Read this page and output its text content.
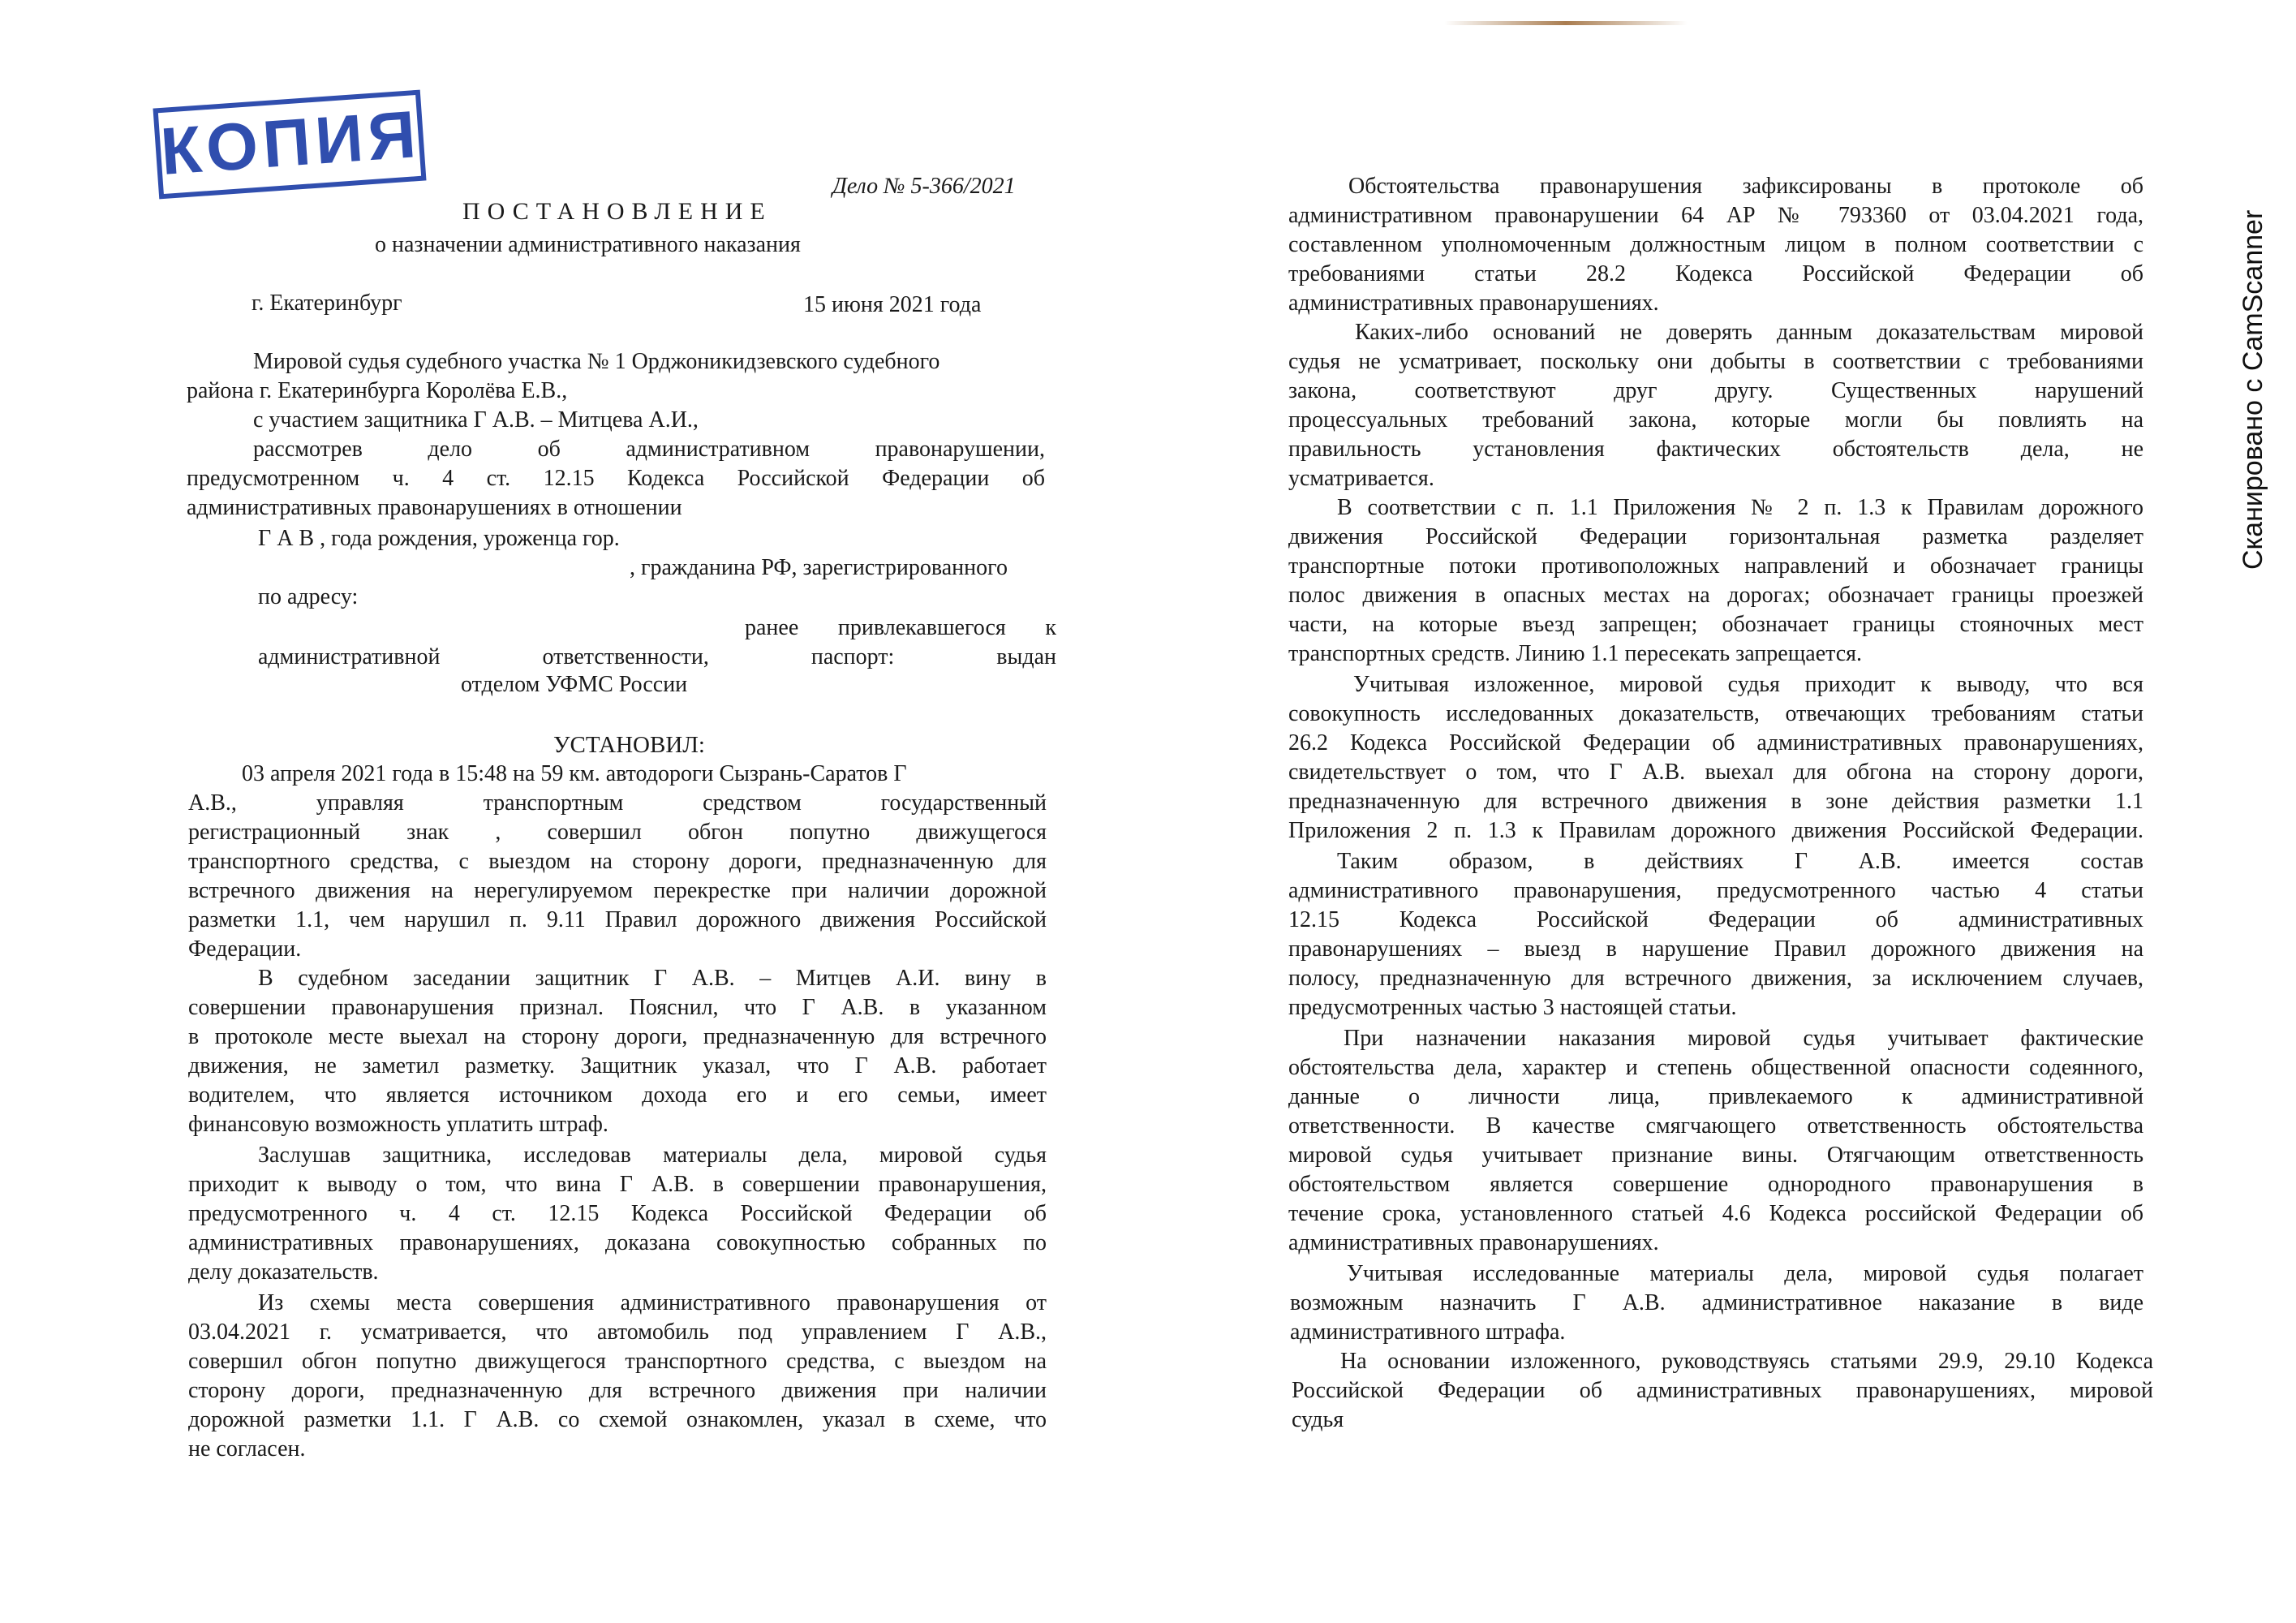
КОПИЯ	Дело № 5-366/2021
ПОСТАНОВЛЕНИЕ
о назначении административного наказания
г. Екатеринбург	15 июня 2021 года
Мировой судья судебного участка № 1 Орджоникидзевского судебного
района г. Екатеринбурга Королёва Е.В.,
с участием защитника Г А.В. – Митцева А.И.,
рассмотрев дело об административном правонарушении,
предусмотренном ч. 4 ст. 12.15 Кодекса Российской Федерации об
административных правонарушениях в отношении
Г А В , года рождения, уроженца гор.
, гражданина РФ, зарегистрированного
по адресу:
ранее привлекавшегося к
административной ответственности, паспорт: выдан
отделом УФМС России
УСТАНОВИЛ:
03 апреля 2021 года в 15:48 на 59 км. автодороги Сызрань-Саратов Г
А.В., управляя транспортным средством государственный
регистрационный знак , совершил обгон попутно движущегося
транспортного средства, с выездом на сторону дороги, предназначенную для
встречного движения на нерегулируемом перекрестке при наличии дорожной
разметки 1.1, чем нарушил п. 9.11 Правил дорожного движения Российской
Федерации.
В судебном заседании защитник Г А.В. – Митцев А.И. вину в
совершении правонарушения признал. Пояснил, что Г А.В. в указанном
в протоколе месте выехал на сторону дороги, предназначенную для встречного
движения, не заметил разметку. Защитник указал, что Г А.В. работает
водителем, что является источником дохода его и его семьи, имеет
финансовую возможность уплатить штраф.
Заслушав защитника, исследовав материалы дела, мировой судья
приходит к выводу о том, что вина Г А.В. в совершении правонарушения,
предусмотренного ч. 4 ст. 12.15 Кодекса Российской Федерации об
административных правонарушениях, доказана совокупностью собранных по
делу доказательств.
Из схемы места совершения административного правонарушения от
03.04.2021 г. усматривается, что автомобиль под управлением Г А.В.,
совершил обгон попутно движущегося транспортного средства, с выездом на
сторону дороги, предназначенную для встречного движения при наличии
дорожной разметки 1.1. Г А.В. со схемой ознакомлен, указал в схеме, что
не согласен.
Обстоятельства правонарушения зафиксированы в протоколе об
административном правонарушении 64 АР № 793360 от 03.04.2021 года,
составленном уполномоченным должностным лицом в полном соответствии с
требованиями статьи 28.2 Кодекса Российской Федерации об
административных правонарушениях.
Каких-либо оснований не доверять данным доказательствам мировой
судья не усматривает, поскольку они добыты в соответствии с требованиями
закона, соответствуют друг другу. Существенных нарушений
процессуальных требований закона, которые могли бы повлиять на
правильность установления фактических обстоятельств дела, не
усматривается.
В соответствии с п. 1.1 Приложения № 2 п. 1.3 к Правилам дорожного
движения Российской Федерации горизонтальная разметка разделяет
транспортные потоки противоположных направлений и обозначает границы
полос движения в опасных местах на дорогах; обозначает границы проезжей
части, на которые въезд запрещен; обозначает границы стояночных мест
транспортных средств. Линию 1.1 пересекать запрещается.
Учитывая изложенное, мировой судья приходит к выводу, что вся
совокупность исследованных доказательств, отвечающих требованиям статьи
26.2 Кодекса Российской Федерации об административных правонарушениях,
свидетельствует о том, что Г А.В. выехал для обгона на сторону дороги,
предназначенную для встречного движения в зоне действия разметки 1.1
Приложения 2 п. 1.3 к Правилам дорожного движения Российской Федерации.
Таким образом, в действиях Г А.В. имеется состав
административного правонарушения, предусмотренного частью 4 статьи
12.15 Кодекса Российской Федерации об административных
правонарушениях – выезд в нарушение Правил дорожного движения на
полосу, предназначенную для встречного движения, за исключением случаев,
предусмотренных частью 3 настоящей статьи.
При назначении наказания мировой судья учитывает фактические
обстоятельства дела, характер и степень общественной опасности содеянного,
данные о личности лица, привлекаемого к административной
ответственности. В качестве смягчающего ответственность обстоятельства
мировой судья учитывает признание вины. Отягчающим ответственность
обстоятельством является совершение однородного правонарушения в
течение срока, установленного статьей 4.6 Кодекса российской Федерации об
административных правонарушениях.
Учитывая исследованные материалы дела, мировой судья полагает
возможным назначить Г А.В. административное наказание в виде
административного штрафа.
На основании изложенного, руководствуясь статьями 29.9, 29.10 Кодекса
Российской Федерации об административных правонарушениях, мировой
судья
Сканировано с CamScanner
